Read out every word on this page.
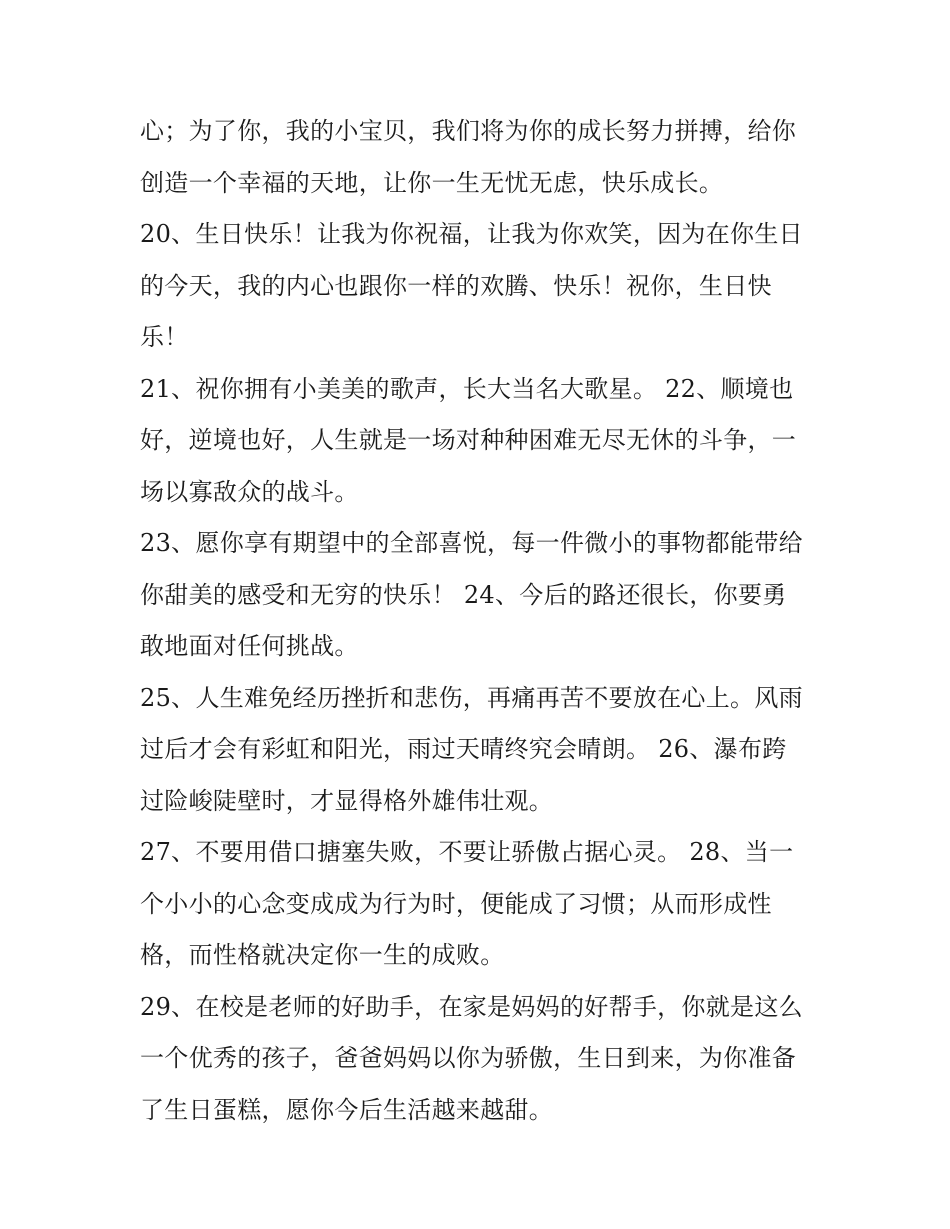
心；为了你，我的小宝贝，我们将为你的成长努力拼搏，给你
创造一个幸福的天地，让你一生无忧无虑，快乐成长。
20、生日快乐！让我为你祝福，让我为你欢笑，因为在你生日
的今天，我的内心也跟你一样的欢腾、快乐！祝你，生日快
乐！
21、祝你拥有小美美的歌声，长大当名大歌星。 22、顺境也
好，逆境也好，人生就是一场对种种困难无尽无休的斗争，一
场以寡敌众的战斗。
23、愿你享有期望中的全部喜悦，每一件微小的事物都能带给
你甜美的感受和无穷的快乐！ 24、今后的路还很长，你要勇
敢地面对任何挑战。
25、人生难免经历挫折和悲伤，再痛再苦不要放在心上。风雨
过后才会有彩虹和阳光，雨过天晴终究会晴朗。 26、瀑布跨
过险峻陡壁时，才显得格外雄伟壮观。
27、不要用借口搪塞失败，不要让骄傲占据心灵。 28、当一
个小小的心念变成成为行为时，便能成了习惯；从而形成性
格，而性格就决定你一生的成败。
29、在校是老师的好助手，在家是妈妈的好帮手，你就是这么
一个优秀的孩子，爸爸妈妈以你为骄傲，生日到来，为你准备
了生日蛋糕，愿你今后生活越来越甜。
